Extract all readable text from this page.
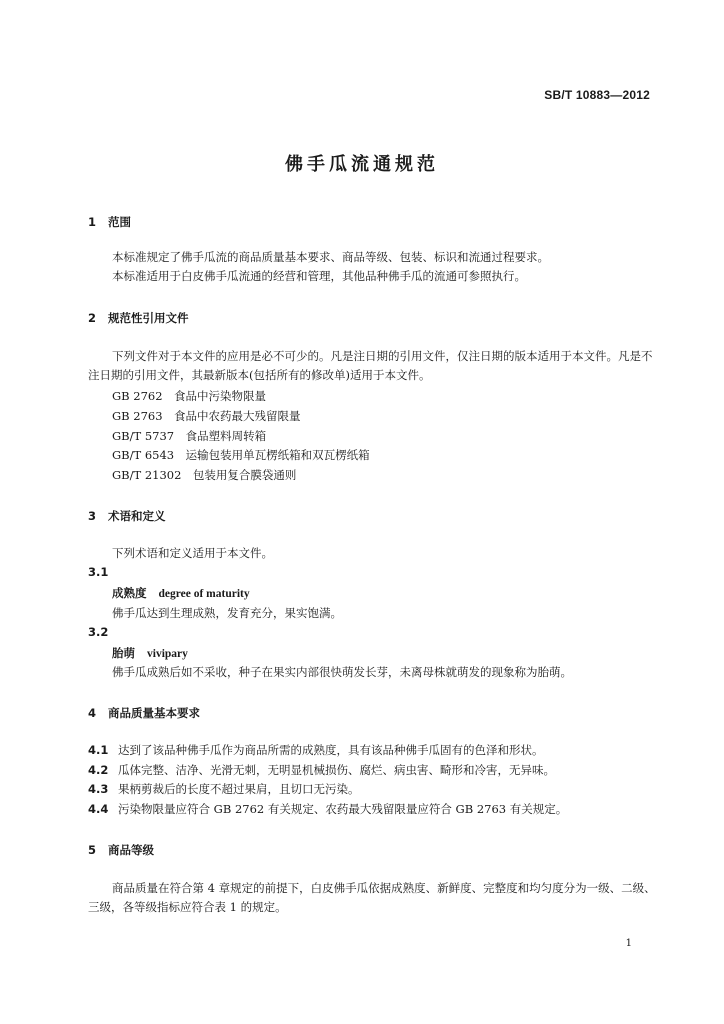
SB/T 10883—2012
佛手瓜流通规范
1 范围
本标准规定了佛手瓜流的商品质量基本要求、商品等级、包装、标识和流通过程要求。
本标准适用于白皮佛手瓜流通的经营和管理，其他品种佛手瓜的流通可参照执行。
2 规范性引用文件
下列文件对于本文件的应用是必不可少的。凡是注日期的引用文件，仅注日期的版本适用于本文件。凡是不注日期的引用文件，其最新版本(包括所有的修改单)适用于本文件。
GB 2762　食品中污染物限量
GB 2763　食品中农药最大残留限量
GB/T 5737　食品塑料周转箱
GB/T 6543　运输包装用单瓦楞纸箱和双瓦楞纸箱
GB/T 21302　包装用复合膜袋通则
3 术语和定义
下列术语和定义适用于本文件。
3.1
成熟度 degree of maturity
佛手瓜达到生理成熟，发育充分，果实饱满。
3.2
胎萌 vivipary
佛手瓜成熟后如不采收，种子在果实内部很快萌发长芽，未离母株就萌发的现象称为胎萌。
4 商品质量基本要求
4.1 达到了该品种佛手瓜作为商品所需的成熟度，具有该品种佛手瓜固有的色泽和形状。
4.2 瓜体完整、洁净、光滑无刺，无明显机械损伤、腐烂、病虫害、畸形和冷害，无异味。
4.3 果柄剪裁后的长度不超过果肩，且切口无污染。
4.4 污染物限量应符合 GB 2762 有关规定、农药最大残留限量应符合 GB 2763 有关规定。
5 商品等级
商品质量在符合第 4 章规定的前提下，白皮佛手瓜依据成熟度、新鲜度、完整度和均匀度分为一级、二级、三级，各等级指标应符合表 1 的规定。
1
